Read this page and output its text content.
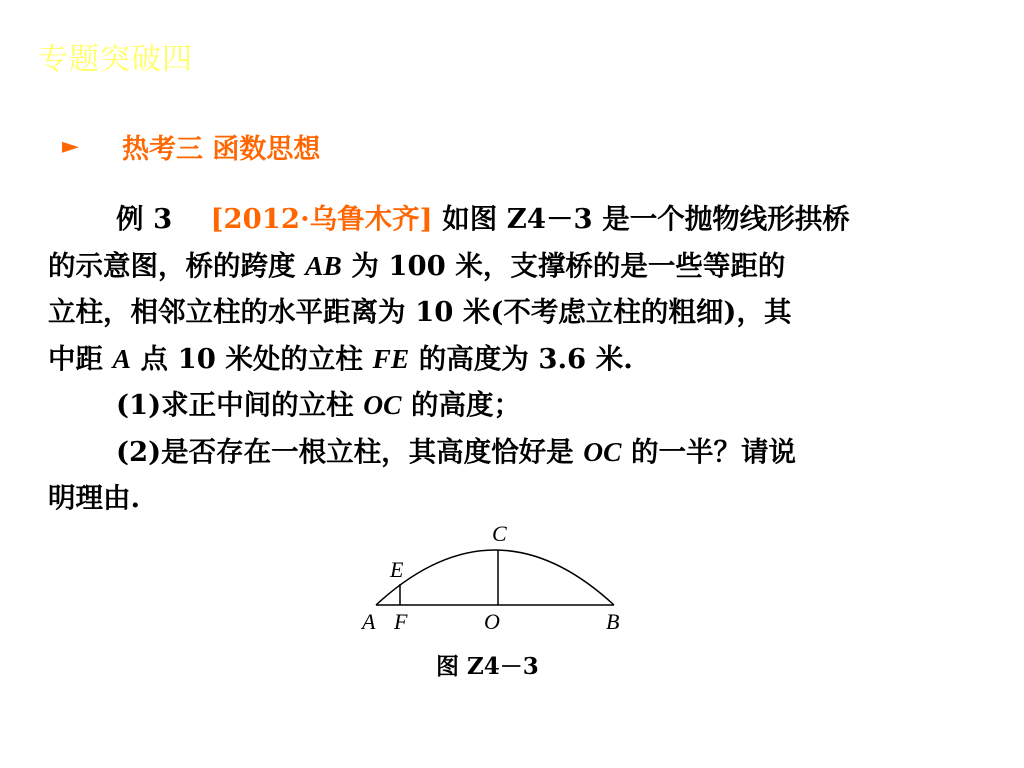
专题突破四
►	热考三 函数思想
例 3 [2012·乌鲁木齐] 如图 Z4－3 是一个抛物线形拱桥
的示意图，桥的跨度 AB 为 100 米，支撑桥的是一些等距的
立柱，相邻立柱的水平距离为 10 米(不考虑立柱的粗细)，其
中距 A 点 10 米处的立柱 FE 的高度为 3.6 米.
(1)求正中间的立柱 OC 的高度；
(2)是否存在一根立柱，其高度恰好是 OC 的一半？请说
明理由.
E
C
A F	O	B
图 Z4－3
